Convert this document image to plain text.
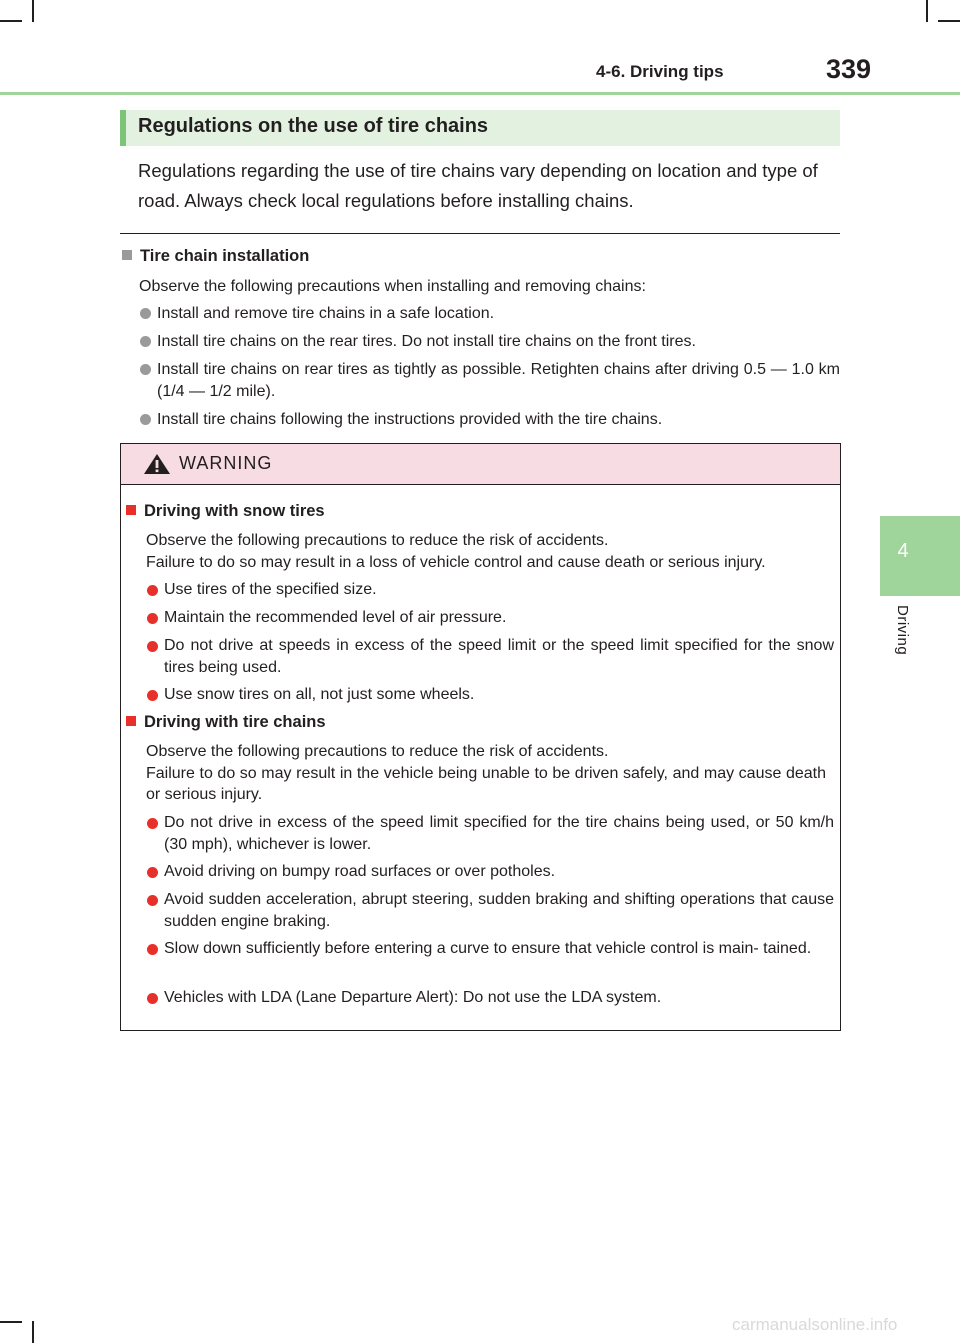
4-6. Driving tips	339
4
Driving
Regulations on the use of tire chains
Regulations regarding the use of tire chains vary depending on location and type of road. Always check local regulations before installing chains.
Tire chain installation
Observe the following precautions when installing and removing chains:
Install and remove tire chains in a safe location.
Install tire chains on the rear tires. Do not install tire chains on the front tires.
Install tire chains on rear tires as tightly as possible. Retighten chains after driving 0.5 — 1.0 km (1/4 — 1/2 mile).
Install tire chains following the instructions provided with the tire chains.
WARNING
Driving with snow tires
Observe the following precautions to reduce the risk of accidents.
Failure to do so may result in a loss of vehicle control and cause death or serious injury.
Use tires of the specified size.
Maintain the recommended level of air pressure.
Do not drive at speeds in excess of the speed limit or the speed limit specified for the snow tires being used.
Use snow tires on all, not just some wheels.
Driving with tire chains
Observe the following precautions to reduce the risk of accidents.
Failure to do so may result in the vehicle being unable to be driven safely, and may cause death or serious injury.
Do not drive in excess of the speed limit specified for the tire chains being used, or 50 km/h (30 mph), whichever is lower.
Avoid driving on bumpy road surfaces or over potholes.
Avoid sudden acceleration, abrupt steering, sudden braking and shifting operations that cause sudden engine braking.
Slow down sufficiently before entering a curve to ensure that vehicle control is main- tained.
Vehicles with LDA (Lane Departure Alert): Do not use the LDA system.
carmanualsonline.info
